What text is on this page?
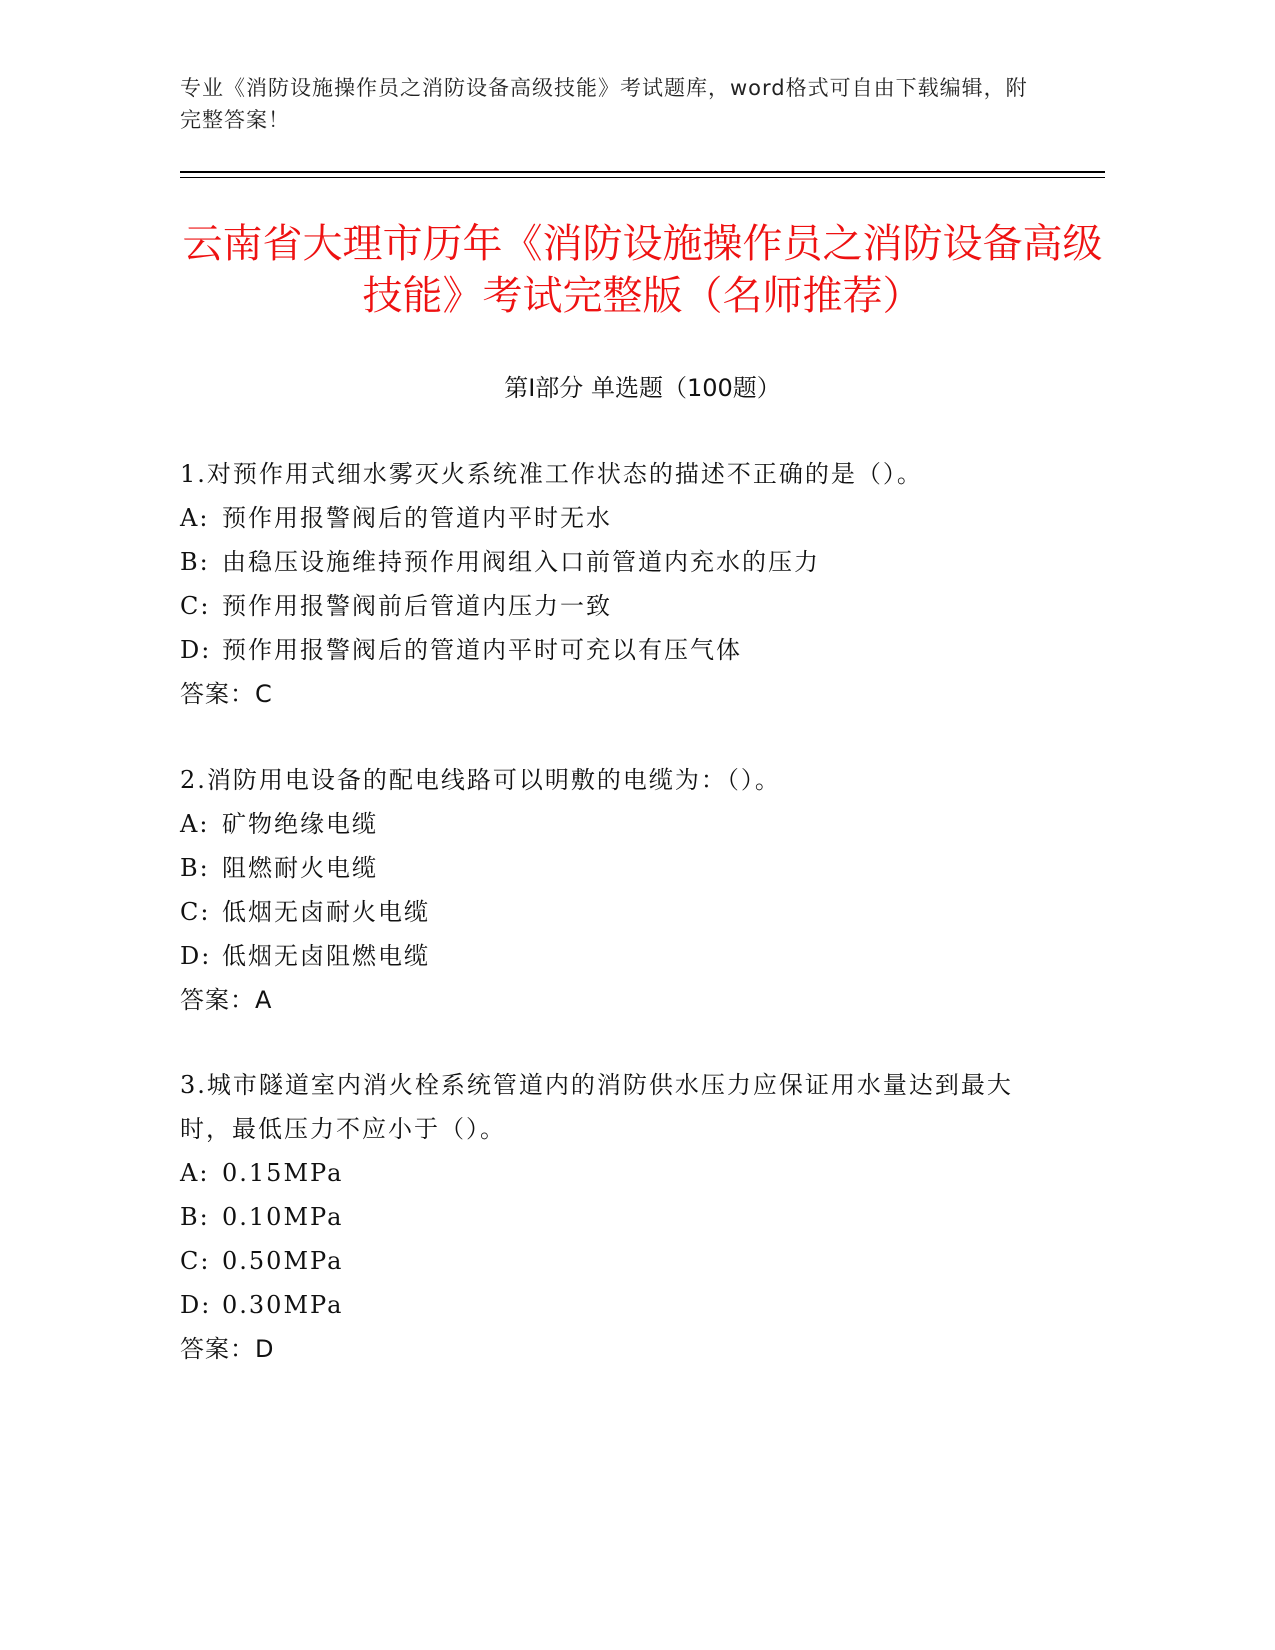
专业《消防设施操作员之消防设备高级技能》考试题库，word格式可自由下载编辑，附完整答案！
云南省大理市历年《消防设施操作员之消防设备高级技能》考试完整版（名师推荐）
第Ⅰ部分 单选题（100题）
1.对预作用式细水雾灭火系统准工作状态的描述不正确的是（）。
A: 预作用报警阀后的管道内平时无水
B: 由稳压设施维持预作用阀组入口前管道内充水的压力
C: 预作用报警阀前后管道内压力一致
D: 预作用报警阀后的管道内平时可充以有压气体
答案：C
2.消防用电设备的配电线路可以明敷的电缆为：（）。
A: 矿物绝缘电缆
B: 阻燃耐火电缆
C: 低烟无卤耐火电缆
D: 低烟无卤阻燃电缆
答案：A
3.城市隧道室内消火栓系统管道内的消防供水压力应保证用水量达到最大时，最低压力不应小于（）。
A: 0.15MPa
B: 0.10MPa
C: 0.50MPa
D: 0.30MPa
答案：D
